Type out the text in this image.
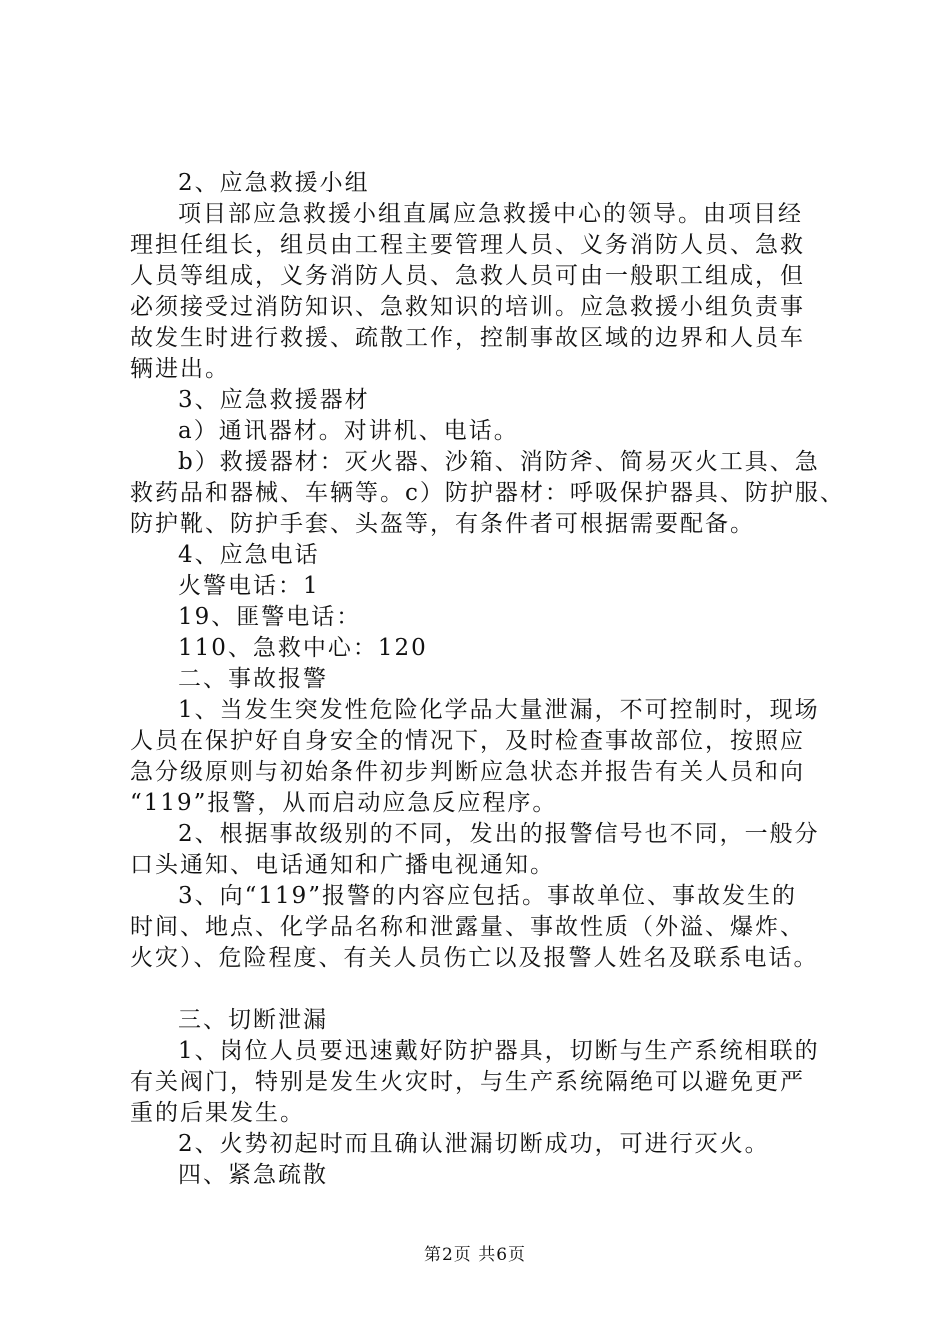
2、应急救援小组
项目部应急救援小组直属应急救援中心的领导。由项目经
理担任组长，组员由工程主要管理人员、义务消防人员、急救
人员等组成，义务消防人员、急救人员可由一般职工组成，但
必须接受过消防知识、急救知识的培训。应急救援小组负责事
故发生时进行救援、疏散工作，控制事故区域的边界和人员车
辆进出。
3、应急救援器材
a）通讯器材。对讲机、电话。
b）救援器材：灭火器、沙箱、消防斧、简易灭火工具、急
救药品和器械、车辆等。c）防护器材：呼吸保护器具、防护服、
防护靴、防护手套、头盔等，有条件者可根据需要配备。
4、应急电话
火警电话：1
19、匪警电话：
110、急救中心：120
二、事故报警
1、当发生突发性危险化学品大量泄漏，不可控制时，现场
人员在保护好自身安全的情况下，及时检查事故部位，按照应
急分级原则与初始条件初步判断应急状态并报告有关人员和向
“119”报警，从而启动应急反应程序。
2、根据事故级别的不同，发出的报警信号也不同，一般分
口头通知、电话通知和广播电视通知。
3、向“119”报警的内容应包括。事故单位、事故发生的
时间、地点、化学品名称和泄露量、事故性质（外溢、爆炸、
火灾）、危险程度、有关人员伤亡以及报警人姓名及联系电话。
三、切断泄漏
1、岗位人员要迅速戴好防护器具，切断与生产系统相联的
有关阀门，特别是发生火灾时，与生产系统隔绝可以避免更严
重的后果发生。
2、火势初起时而且确认泄漏切断成功，可进行灭火。
四、紧急疏散
第2页 共6页
